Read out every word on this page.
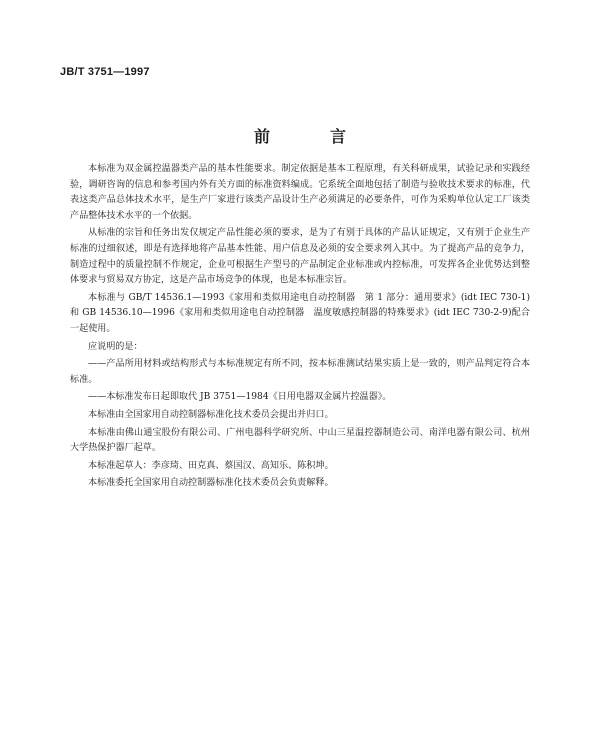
JB/T 3751—1997
前　言

本标准为双金属控温器类产品的基本性能要求。制定依据是基本工程原理，有关科研成果，试验记录和实践经验，调研咨询的信息和参考国内外有关方面的标准资料编成。它系统全面地包括了制造与验收技术要求的标准，代表这类产品总体技术水平，是生产厂家进行该类产品设计生产必须满足的必要条件，可作为采购单位认定工厂该类产品整体技术水平的一个依据。

从标准的宗旨和任务出发仅规定产品性能必须的要求，是为了有别于具体的产品认证规定，又有别于企业生产标准的过细叙述，即是有选择地将产品基本性能、用户信息及必须的安全要求列入其中。为了提高产品的竞争力，制造过程中的质量控制不作规定，企业可根据生产型号的产品制定企业标准或内控标准，可发挥各企业优势达到整体要求与贸易双方协定，这是产品市场竞争的体现，也是本标准宗旨。

本标准与 GB/T 14536.1—1993《家用和类似用途电自动控制器　第 1 部分：通用要求》(idt IEC 730-1)和 GB 14536.10—1996《家用和类似用途电自动控制器　温度敏感控制器的特殊要求》(idt IEC 730-2-9)配合一起使用。

应说明的是：

——产品所用材料或结构形式与本标准规定有所不同，按本标准测试结果实质上是一致的，则产品判定符合本标准。

——本标准发布日起即取代 JB 3751—1984《日用电器双金属片控温器》。

本标准由全国家用自动控制器标准化技术委员会提出并归口。

本标准由佛山通宝股份有限公司、广州电器科学研究所、中山三星温控器制造公司、南洋电器有限公司、杭州大学热保护器厂起草。

本标准起草人：李彦琦、田克真、蔡国汉、高知乐、陈积坤。

本标准委托全国家用自动控制器标准化技术委员会负责解释。
